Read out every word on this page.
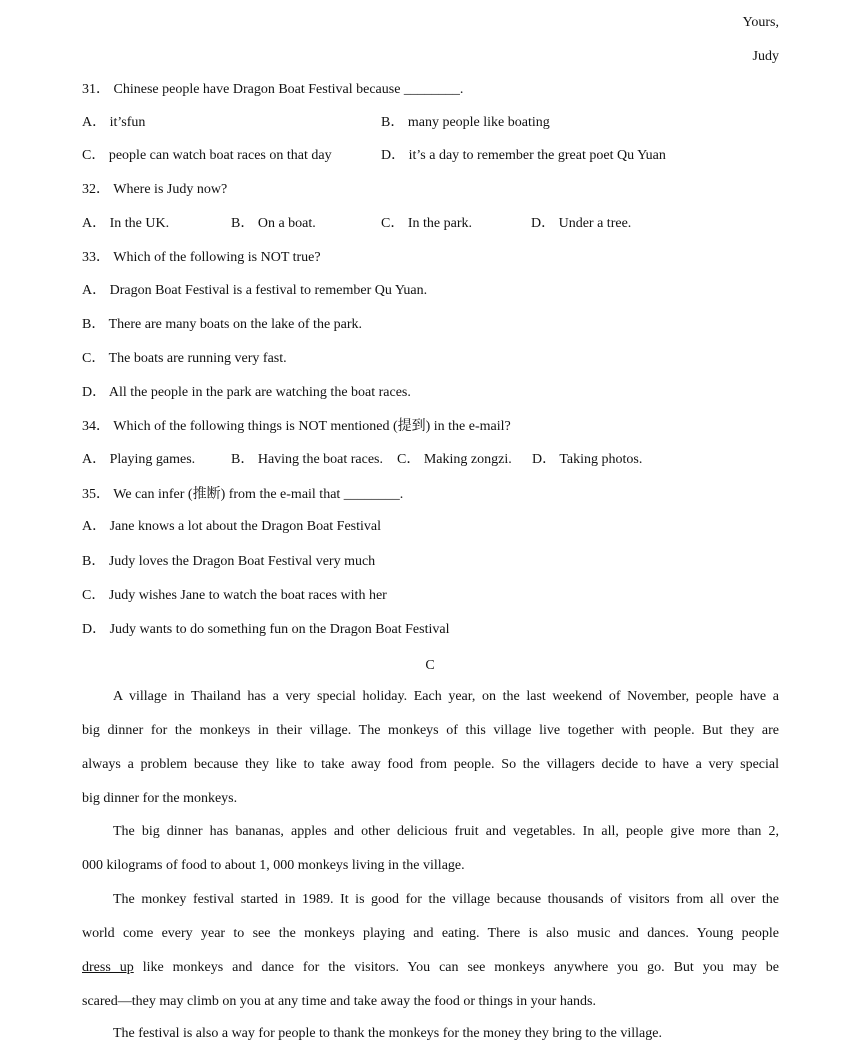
Yours,
Judy
31． Chinese people have Dragon Boat Festival because ________.
A． it’sfun	B． many people like boating
C． people can watch boat races on that day	D． it’s a day to remember the great poet Qu Yuan
32． Where is Judy now?
A． In the UK.	B． On a boat.	C． In the park.	D． Under a tree.
33． Which of the following is NOT true?
A． Dragon Boat Festival is a festival to remember Qu Yuan.
B． There are many boats on the lake of the park.
C． The boats are running very fast.
D． All the people in the park are watching the boat races.
34． Which of the following things is NOT mentioned (提到) in the e-mail?
A． Playing games.	B． Having the boat races. C． Making zongzi. D． Taking photos.
35． We can infer (推断) from the e-mail that ________.
A． Jane knows a lot about the Dragon Boat Festival
B． Judy loves the Dragon Boat Festival very much
C． Judy wishes Jane to watch the boat races with her
D． Judy wants to do something fun on the Dragon Boat Festival
C
A village in Thailand has a very special holiday. Each year, on the last weekend of November, people have a
big dinner for the monkeys in their village. The monkeys of this village live together with people. But they are
always a problem because they like to take away food from people. So the villagers decide to have a very special
big dinner for the monkeys.
The big dinner has bananas, apples and other delicious fruit and vegetables. In all, people give more than 2,
000 kilograms of food to about 1, 000 monkeys living in the village.
The monkey festival started in 1989. It is good for the village because thousands of visitors from all over the
world come every year to see the monkeys playing and eating. There is also music and dances. Young people
dress up like monkeys and dance for the visitors. You can see monkeys anywhere you go. But you may be
scared—they may climb on you at any time and take away the food or things in your hands.
The festival is also a way for people to thank the monkeys for the money they bring to the village.
